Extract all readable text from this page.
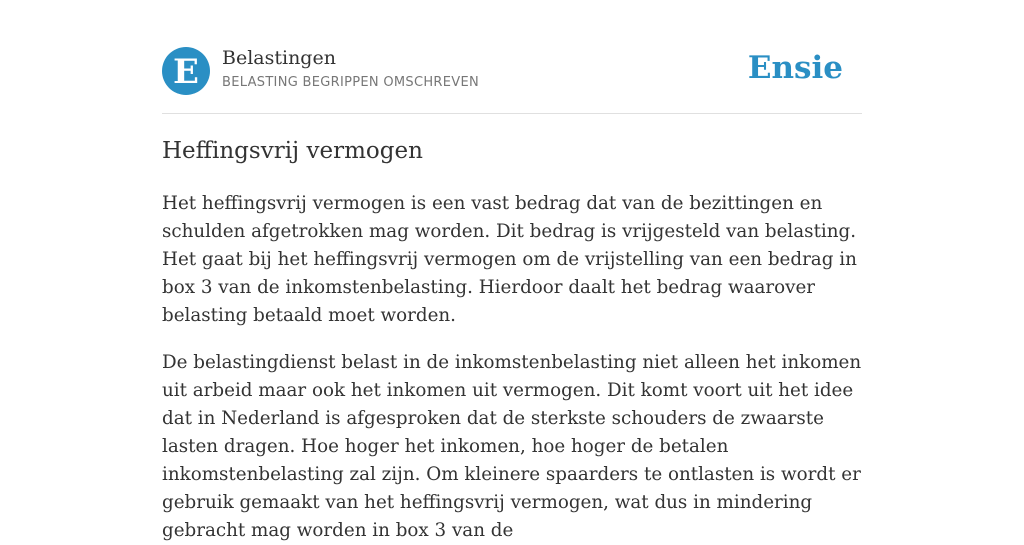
E Belastingen
BELASTING BEGRIPPEN OMSCHREVEN	Ensie
Heffingsvrij vermogen

Het heffingsvrij vermogen is een vast bedrag dat van de bezittingen en schulden afgetrokken mag worden. Dit bedrag is vrijgesteld van belasting. Het gaat bij het heffingsvrij vermogen om de vrijstelling van een bedrag in box 3 van de inkomstenbelasting. Hierdoor daalt het bedrag waarover belasting betaald moet worden.

De belastingdienst belast in de inkomstenbelasting niet alleen het inkomen uit arbeid maar ook het inkomen uit vermogen. Dit komt voort uit het idee dat in Nederland is afgesproken dat de sterkste schouders de zwaarste lasten dragen. Hoe hoger het inkomen, hoe hoger de betalen inkomstenbelasting zal zijn. Om kleinere spaarders te ontlasten is wordt er gebruik gemaakt van het heffingsvrij vermogen, wat dus in mindering gebracht mag worden in box 3 van de
